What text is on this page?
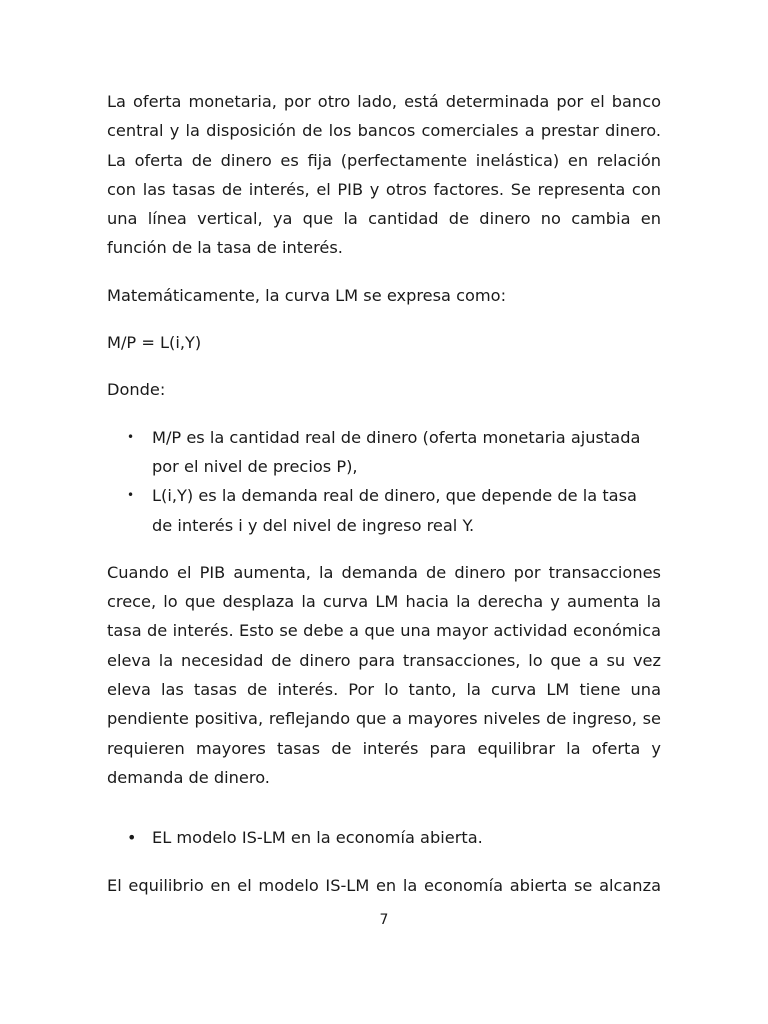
La oferta monetaria, por otro lado, está determinada por el banco central y la disposición de los bancos comerciales a prestar dinero. La oferta de dinero es fija (perfectamente inelástica) en relación con las tasas de interés, el PIB y otros factores. Se representa con una línea vertical, ya que la cantidad de dinero no cambia en función de la tasa de interés.

Matemáticamente, la curva LM se expresa como:

M/P = L(i,Y)

Donde:

• M/P es la cantidad real de dinero (oferta monetaria ajustada por el nivel de precios P),
• L(i,Y) es la demanda real de dinero, que depende de la tasa de interés i y del nivel de ingreso real Y.

Cuando el PIB aumenta, la demanda de dinero por transacciones crece, lo que desplaza la curva LM hacia la derecha y aumenta la tasa de interés. Esto se debe a que una mayor actividad económica eleva la necesidad de dinero para transacciones, lo que a su vez eleva las tasas de interés. Por lo tanto, la curva LM tiene una pendiente positiva, reflejando que a mayores niveles de ingreso, se requieren mayores tasas de interés para equilibrar la oferta y demanda de dinero.

• EL modelo IS-LM en la economía abierta.

El equilibrio en el modelo IS-LM en la economía abierta se alcanza

7
